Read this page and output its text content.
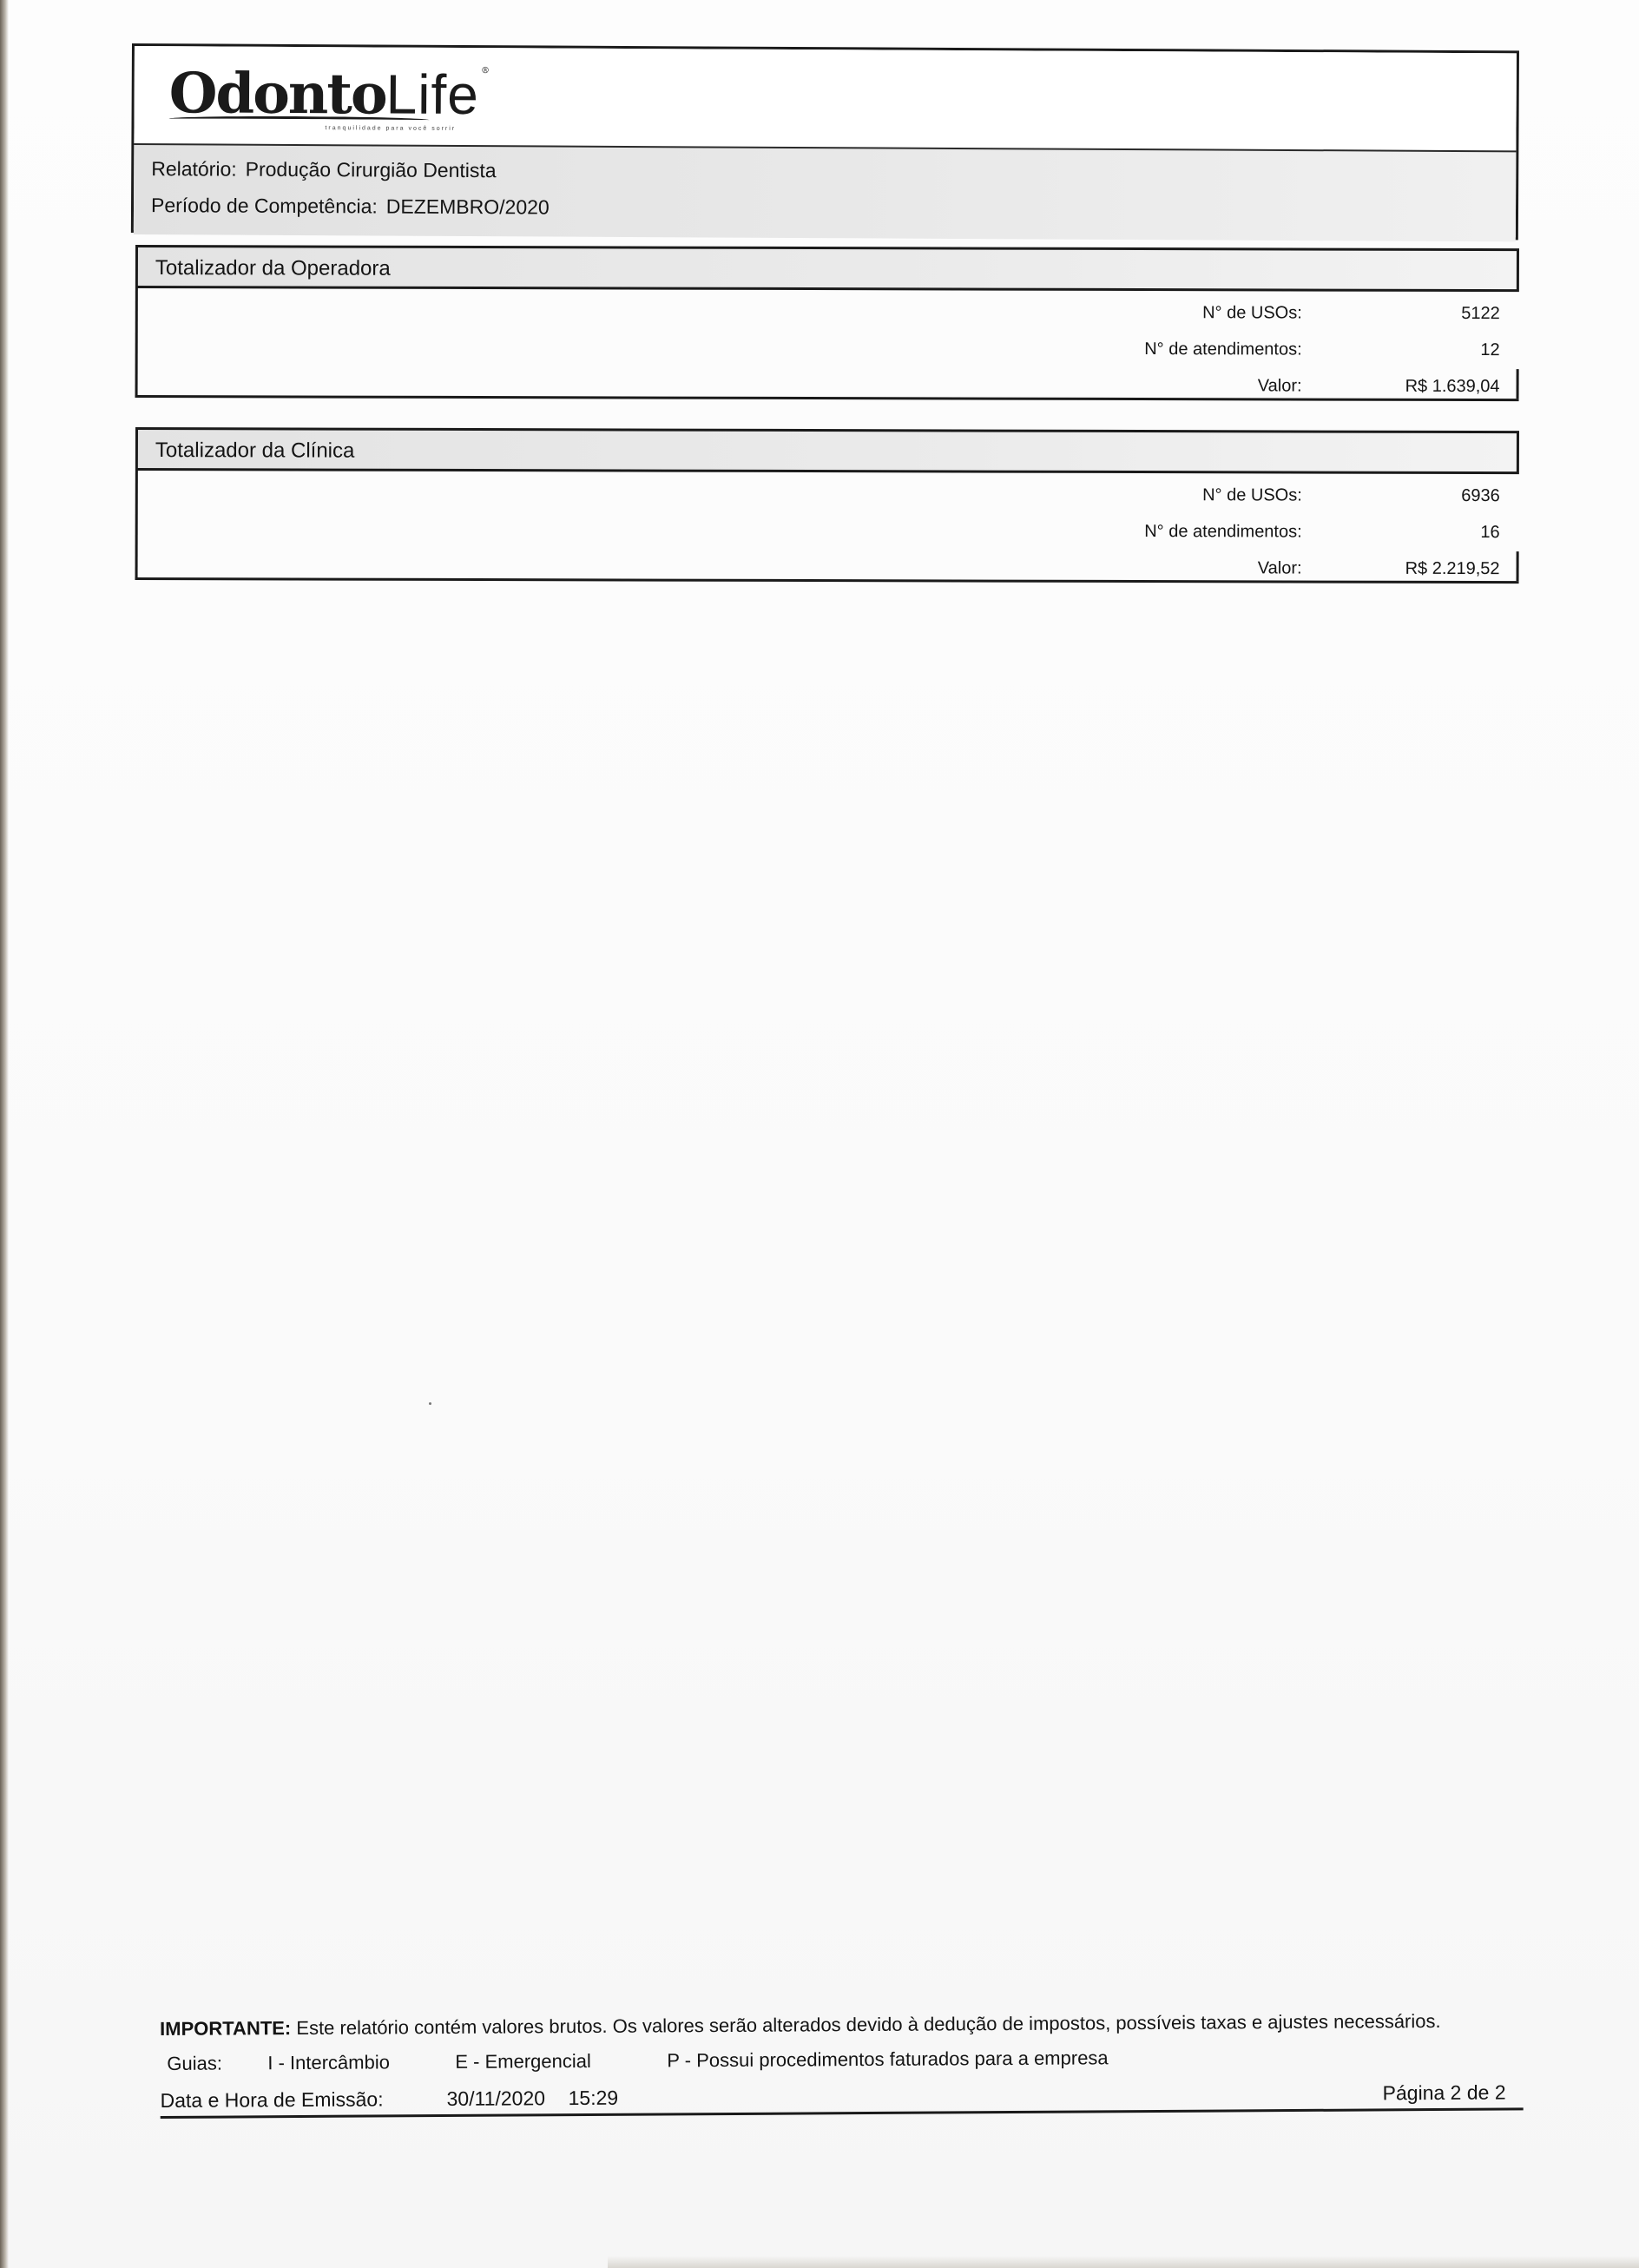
OdontoLife ®
tranquilidade para você sorrir
Relatório: Produção Cirurgião Dentista
Período de Competência: DEZEMBRO/2020
Totalizador da Operadora
N° de USOs:	5122
N° de atendimentos:	12
Valor:	R$ 1.639,04
Totalizador da Clínica
N° de USOs:	6936
N° de atendimentos:	16
Valor:	R$ 2.219,52
IMPORTANTE: Este relatório contém valores brutos. Os valores serão alterados devido à dedução de impostos, possíveis taxas e ajustes necessários.
Guias: I - Intercâmbio	E - Emergencial	P - Possui procedimentos faturados para a empresa
Data e Hora de Emissão:	30/11/2020 15:29	Página 2 de 2
